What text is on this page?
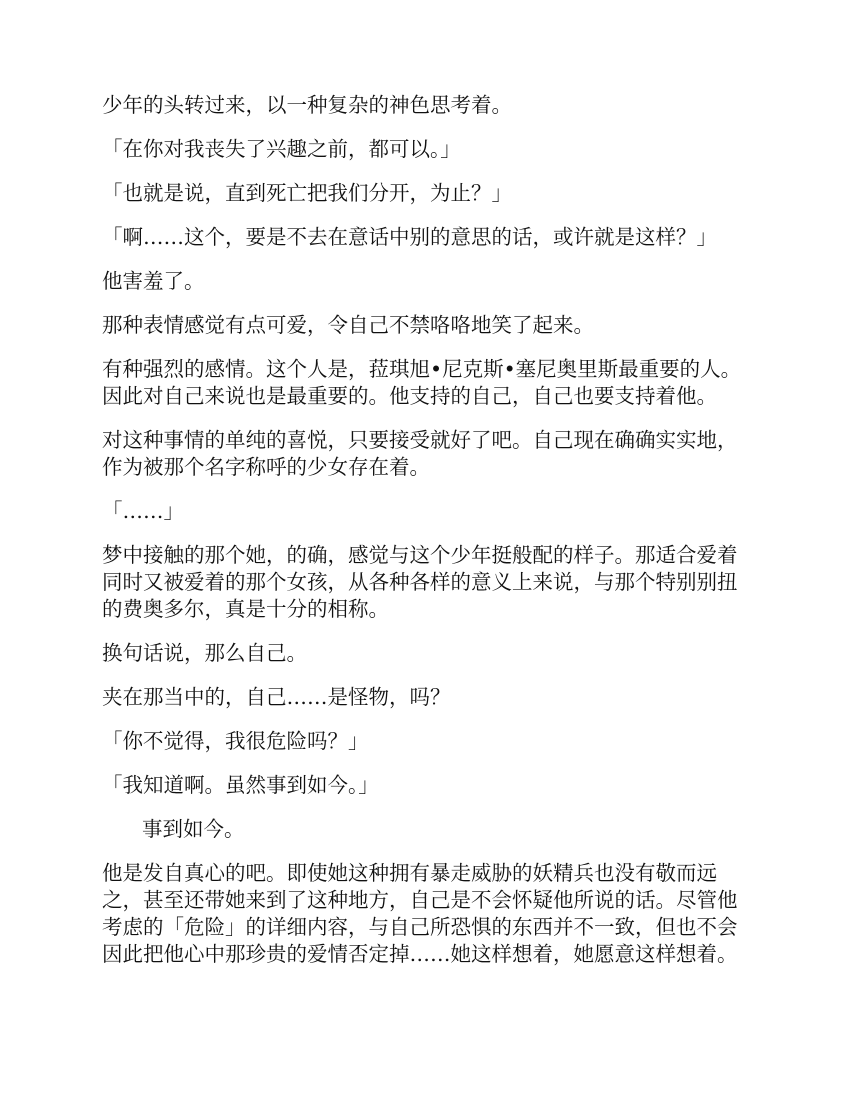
少年的头转过来，以一种复杂的神色思考着。

「在你对我丧失了兴趣之前，都可以。」

「也就是说，直到死亡把我们分开，为止？」

「啊……这个，要是不去在意话中别的意思的话，或许就是这样？」

他害羞了。

那种表情感觉有点可爱，令自己不禁咯咯地笑了起来。

有种强烈的感情。这个人是，菈琪旭•尼克斯•塞尼奥里斯最重要的人。
因此对自己来说也是最重要的。他支持的自己，自己也要支持着他。

对这种事情的单纯的喜悦，只要接受就好了吧。自己现在确确实实地，
作为被那个名字称呼的少女存在着。

「……」

梦中接触的那个她，的确，感觉与这个少年挺般配的样子。那适合爱着
同时又被爱着的那个女孩，从各种各样的意义上来说，与那个特别别扭
的费奥多尔，真是十分的相称。

换句话说，那么自己。

夹在那当中的，自己……是怪物，吗？

「你不觉得，我很危险吗？」

「我知道啊。虽然事到如今。」

事到如今。

他是发自真心的吧。即使她这种拥有暴走威胁的妖精兵也没有敬而远
之，甚至还带她来到了这种地方，自己是不会怀疑他所说的话。尽管他
考虑的「危险」的详细内容，与自己所恐惧的东西并不一致，但也不会
因此把他心中那珍贵的爱情否定掉……她这样想着，她愿意这样想着。
